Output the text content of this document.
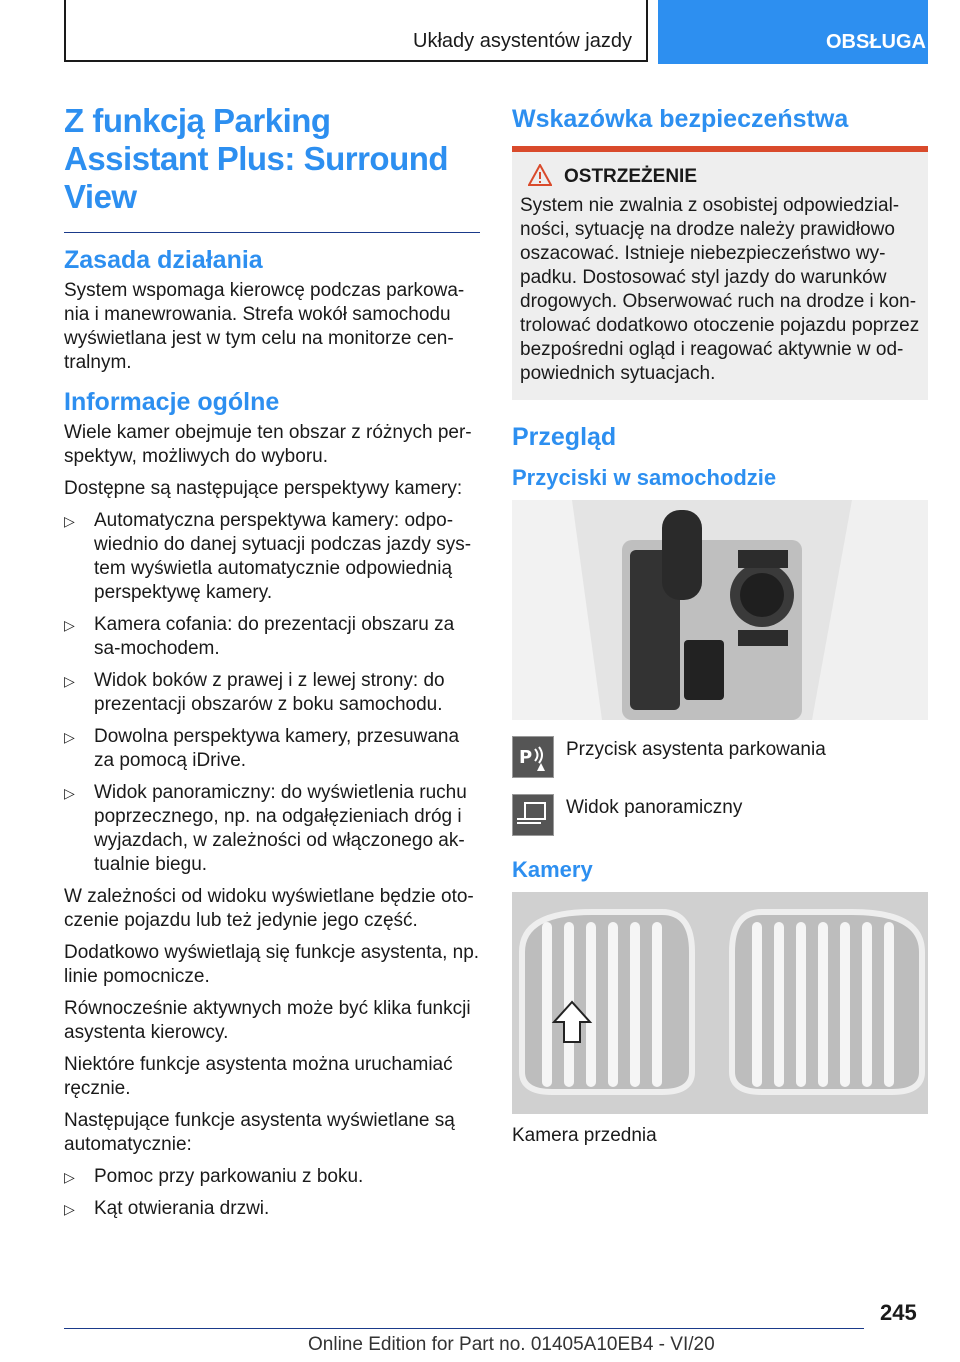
Układy asystentów jazdy	OBSŁUGA
Z funkcją Parking Assistant Plus: Surround View
Zasada działania

System wspomaga kierowcę podczas parkowa-nia i manewrowania. Strefa wokół samochodu wyświetlana jest w tym celu na monitorze cen-tralnym.

Informacje ogólne

Wiele kamer obejmuje ten obszar z różnych per-spektyw, możliwych do wyboru.

Dostępne są następujące perspektywy kamery:

▷ Automatyczna perspektywa kamery: odpo-wiednio do danej sytuacji podczas jazdy sys-tem wyświetla automatycznie odpowiednią perspektywę kamery.
▷ Kamera cofania: do prezentacji obszaru za sa-mochodem.
▷ Widok boków z prawej i z lewej strony: do prezentacji obszarów z boku samochodu.
▷ Dowolna perspektywa kamery, przesuwana za pomocą iDrive.
▷ Widok panoramiczny: do wyświetlenia ruchu poprzecznego, np. na odgałęzieniach dróg i wyjazdach, w zależności od włączonego ak-tualnie biegu.

W zależności od widoku wyświetlane będzie oto-czenie pojazdu lub też jedynie jego część.

Dodatkowo wyświetlają się funkcje asystenta, np. linie pomocnicze.

Równocześnie aktywnych może być klika funkcji asystenta kierowcy.

Niektóre funkcje asystenta można uruchamiać ręcznie.

Następujące funkcje asystenta wyświetlane są automatycznie:

▷ Pomoc przy parkowaniu z boku.
▷ Kąt otwierania drzwi.
Wskazówka bezpieczeństwa
OSTRZEŻENIE

System nie zwalnia z osobistej odpowiedzial-ności, sytuację na drodze należy prawidłowo oszacować. Istnieje niebezpieczeństwo wy-padku. Dostosować styl jazdy do warunków drogowych. Obserwować ruch na drodze i kon-trolować dodatkowo otoczenie pojazdu poprzez bezpośredni ogląd i reagować aktywnie w od-powiednich sytuacjach.

Przegląd
Przyciski w samochodzie
P Przycisk asystenta parkowania

Widok panoramiczny

Kamery

Kamera przednia

245
Online Edition for Part no. 01405A10EB4 - VI/20
